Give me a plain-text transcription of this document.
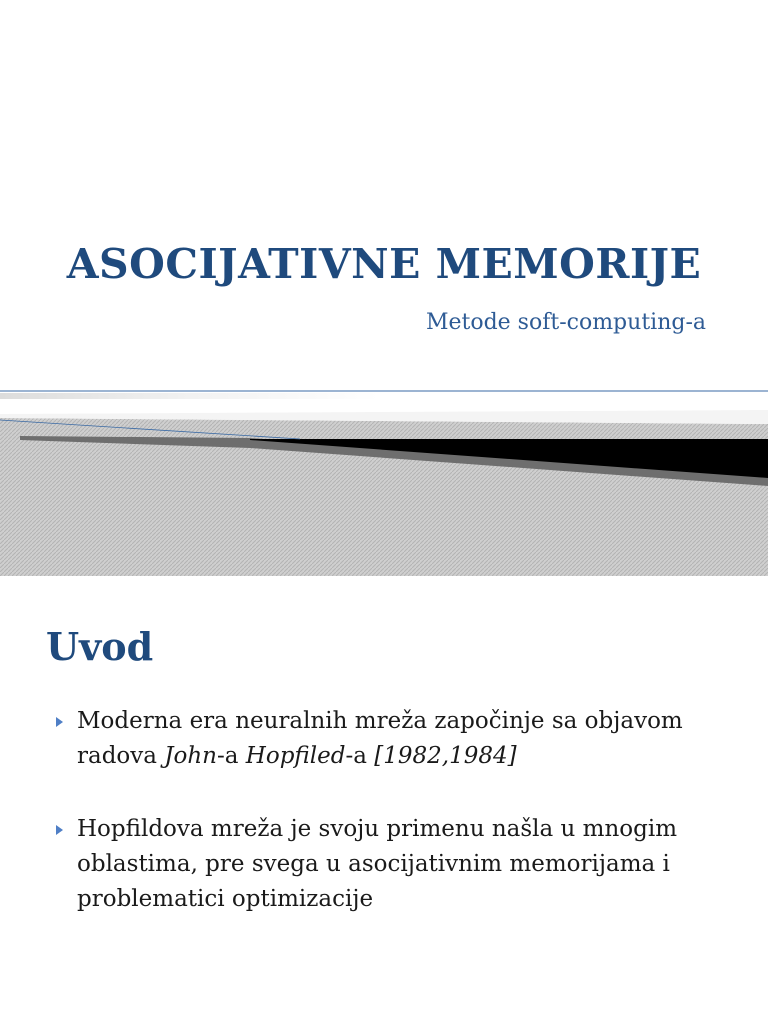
ASOCIJATIVNE MEMORIJE
Metode soft-computing-a
Uvod
Moderna era neuralnih mreža započinje sa objavom
radova John-a Hopfiled-a [1982,1984]
Hopfildova mreža je svoju primenu našla u mnogim oblastima, pre svega u asocijativnim memorijama i problematici optimizacije
